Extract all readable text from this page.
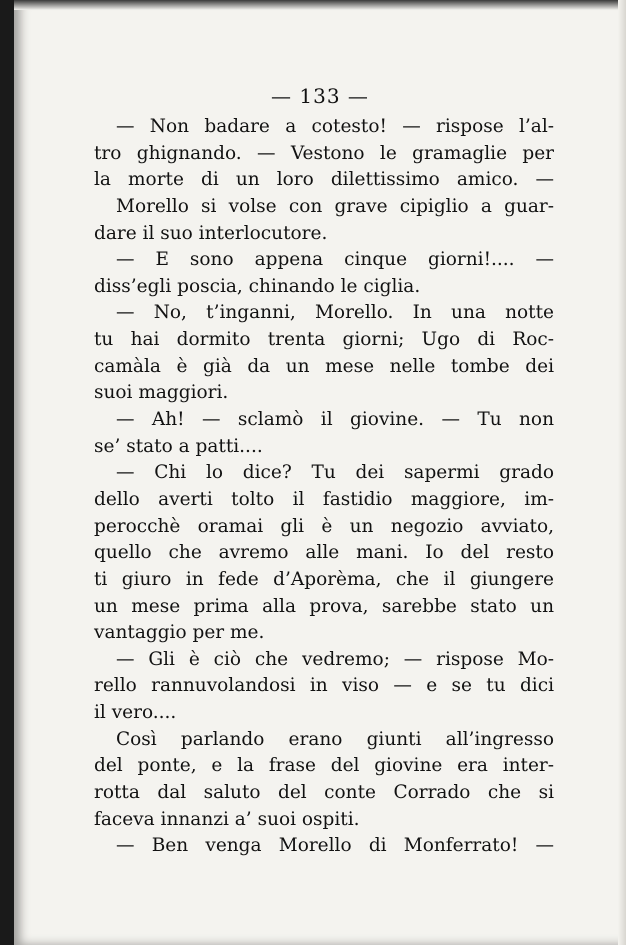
— 133 —
— Non badare a cotesto! — rispose l’al-
tro ghignando. — Vestono le gramaglie per
la morte di un loro dilettissimo amico. —
Morello si volse con grave cipiglio a guar-
dare il suo interlocutore.
— E sono appena cinque giorni!.... —
diss’egli poscia, chinando le ciglia.
— No, t’inganni, Morello. In una notte
tu hai dormito trenta giorni; Ugo di Roc-
camàla è già da un mese nelle tombe dei
suoi maggiori.
— Ah! — sclamò il giovine. — Tu non
se’ stato a patti....
— Chi lo dice? Tu dei sapermi grado
dello averti tolto il fastidio maggiore, im-
perocchè oramai gli è un negozio avviato,
quello che avremo alle mani. Io del resto
ti giuro in fede d’Aporèma, che il giungere
un mese prima alla prova, sarebbe stato un
vantaggio per me.
— Gli è ciò che vedremo; — rispose Mo-
rello rannuvolandosi in viso — e se tu dici
il vero....
Così parlando erano giunti all’ingresso
del ponte, e la frase del giovine era inter-
rotta dal saluto del conte Corrado che si
faceva innanzi a’ suoi ospiti.
— Ben venga Morello di Monferrato! —
